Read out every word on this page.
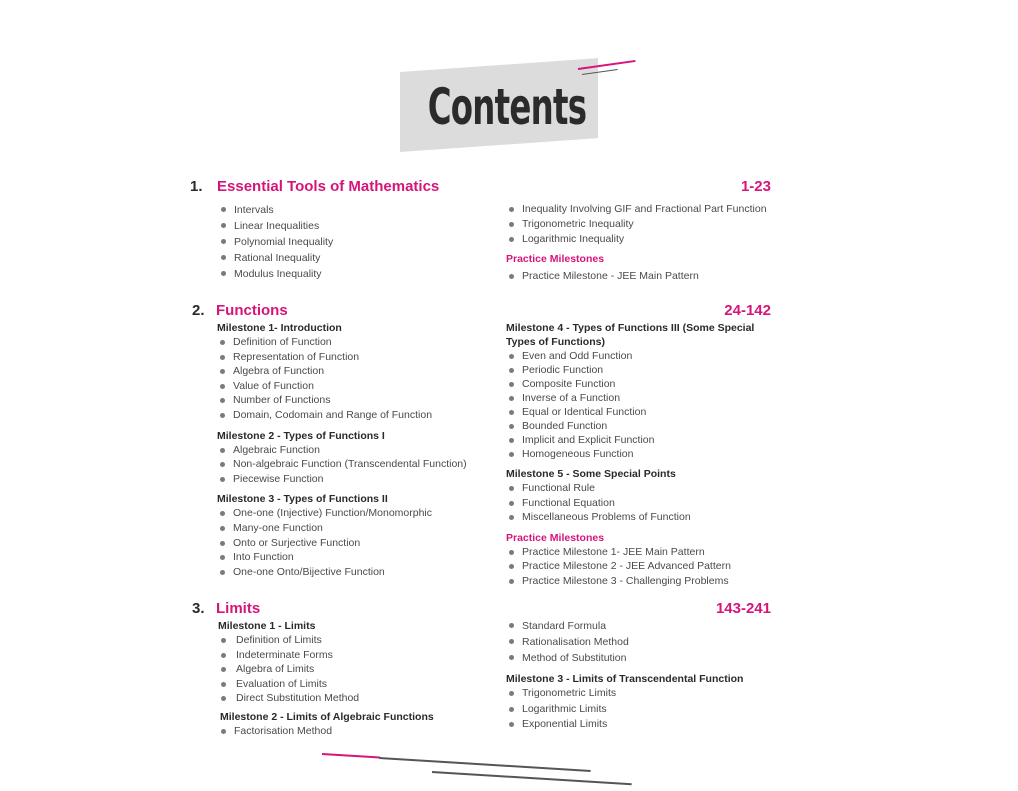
Contents
1. Essential Tools of Mathematics	1-23
Intervals
Linear Inequalities
Polynomial Inequality
Rational Inequality
Modulus Inequality
Inequality Involving GIF and Fractional Part Function
Trigonometric Inequality
Logarithmic Inequality
Practice Milestones
Practice Milestone - JEE Main Pattern
2. Functions	24-142
Milestone 1- Introduction
Definition of Function
Representation of Function
Algebra of Function
Value of Function
Number of Functions
Domain, Codomain and Range of Function
Milestone 2 - Types of Functions I
Algebraic Function
Non-algebraic Function (Transcendental Function)
Piecewise Function
Milestone 3 - Types of Functions II
One-one (Injective) Function/Monomorphic
Many-one Function
Onto or Surjective Function
Into Function
One-one Onto/Bijective Function
Milestone 4 - Types of Functions III (Some Special
Types of Functions)
Even and Odd Function
Periodic Function
Composite Function
Inverse of a Function
Equal or Identical Function
Bounded Function
Implicit and Explicit Function
Homogeneous Function
Milestone 5 - Some Special Points
Functional Rule
Functional Equation
Miscellaneous Problems of Function
Practice Milestones
Practice Milestone 1- JEE Main Pattern
Practice Milestone 2 - JEE Advanced Pattern
Practice Milestone 3 - Challenging Problems
3. Limits	143-241
Milestone 1 - Limits
Definition of Limits
Indeterminate Forms
Algebra of Limits
Evaluation of Limits
Direct Substitution Method
Milestone 2 - Limits of Algebraic Functions
Factorisation Method
Standard Formula
Rationalisation Method
Method of Substitution
Milestone 3 - Limits of Transcendental Function
Trigonometric Limits
Logarithmic Limits
Exponential Limits
